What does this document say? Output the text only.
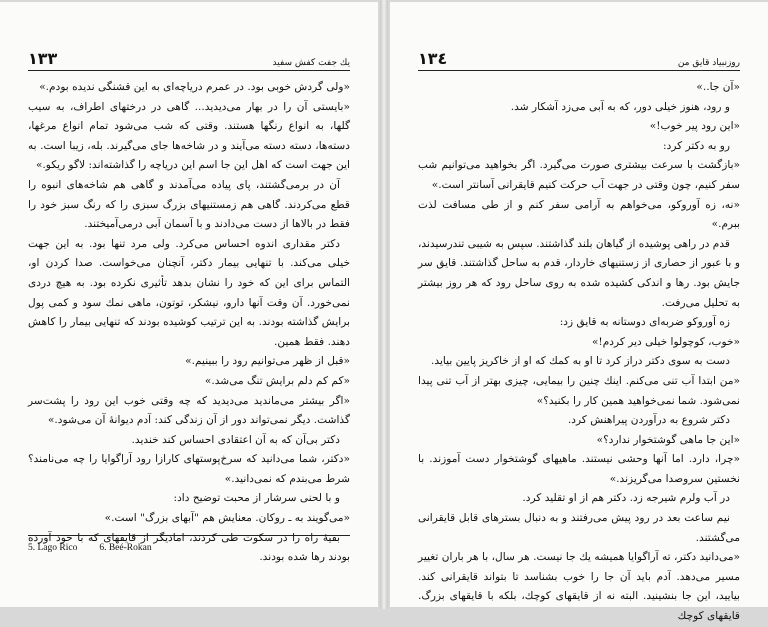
١٣٣	یك جفت كفش سفید

«ولی گردش خوبی بود. در عمرم دریاچه‌ای به این قشنگی ندیده بودم.»

«بایستی آن را در بهار می‌دیدید... گاهی در درختهای اطراف، به سیب گلها، به انواع رنگها هستند. وقتی که شب می‌شود تمام انواع مرغها، دسته‌ها، دسته دسته می‌آیند و در شاخه‌ها جای می‌گیرند. بله، زیبا است. به این جهت است که اهل این جا اسم این دریاچه را گذاشته‌اند: لاگو ریکو.»

آن در برمی‌گشتند، پای پیاده می‌آمدند و گاهی هم شاخه‌های انبوه را قطع می‌کردند. گاهی هم زمستنیهای بزرگ سبزی را که رنگ سبز خود را فقط در بالاها از دست می‌دادند و با آسمان آبی درمی‌آمیختند.

دکتر مقداری اندوه احساس می‌کرد. ولی مرد تنها بود. به این جهت خیلی می‌کند. با تنهایی بیمار دکتر، آنچنان می‌خواست. صدا کردن او، التماس برای این که خود را نشان بدهد تأثیری نکرده بود. به هیچ دردی نمی‌خورد. آن وقت آنها دارو، نیشکر، توتون، ماهی نمك سود و کمی پول برایش گذاشته بودند. به این ترتیب کوشیده بودند که تنهایی بیمار را کاهش دهند. فقط همین.

«قبل از ظهر می‌توانیم رود را ببینیم.»

«کم کم دلم برایش تنگ می‌شد.»

«اگر بیشتر می‌ماندید می‌دیدید که چه وقتی خوب این رود را پشت‌سر گذاشت. دیگر نمی‌تواند دور از آن زندگی کند: آدم دیوانهٔ آن می‌شود.»

دکتر بی‌آن که به آن اعتقادی احساس کند خندید.

«دکتر، شما می‌دانید که سرخ‌پوستهای کارازا رود آراگوایا را چه می‌نامند؟ شرط می‌بندم که نمی‌دانید.»

و با لحنی سرشار از محبت توضیح داد:

«می‌گویند به ـ روکان. معنایش هم "آبهای بزرگ" است.»

بقیهٔ راه را در سکوت طی کردند، امادیگر از قایقهای که با خود آورده بودند رها شده بودند.

5. Lago Rico 6. Beé-Rokan
١٣٤	روزنبیاد قایق من

«آن جا..»

و رود، هنوز خیلی دور، که به آبی می‌زد آشکار شد.

«این رود پیر خوب!»

رو به دکتر کرد:

«بازگشت با سرعت بیشتری صورت می‌گیرد. اگر بخواهید می‌توانیم شب سفر کنیم، چون وقتی در جهت آب حرکت کنیم قایقرانی آسانتر است.»

«نه، زه آوروکو، می‌خواهم به آرامی سفر کنم و از طی مسافت لذت ببرم.»

قدم در راهی پوشیده از گیاهان بلند گذاشتند. سپس به شیبی تندرسیدند، و با عبور از حصاری از زستنیهای خاردار، قدم به ساحل گذاشتند. قایق سر جایش بود. رها و اندکی کشیده شده به روی ساحل رود که هر روز بیشتر به تحلیل می‌رفت.

زه آوروکو ضربه‌ای دوستانه به قایق زد:

«خوب، کوچولوا خیلی دیر کردم!»

دست به سوی دکتر دراز کرد تا او به کمك که او از خاکریز پایین بیاید.

«من ابتدا آب تنی می‌کنم. اینك چنین را بیمایی، چیزی بهتر از آب تنی پیدا نمی‌شود. شما نمی‌خواهید همین کار را بکنید؟»

دکتر شروع به درآوردن پیراهنش کرد.

«این جا ماهی گوشتخوار ندارد؟»

«چرا، دارد. اما آنها وحشی نیستند. ماهیهای گوشتخوار دست آموزند. با نخستین سروصدا می‌گریزند.»

در آب ولرم شیرجه زد. دکتر هم از او تقلید کرد.

نیم ساعت بعد در رود پیش می‌رفتند و به دنبال بسترهای قابل قایقرانی می‌گشتند.

«می‌دانید دکتر، ته آراگوایا همیشه یك جا نیست. هر سال، با هر باران تغییر مسیر می‌دهد. آدم باید آن جا را خوب بشناسد تا بتواند قایقرانی کند. بیایید، این جا بنشینید. البته نه از قایقهای کوچك، بلکه با قایقهای بزرگ. قایقهای کوچك
